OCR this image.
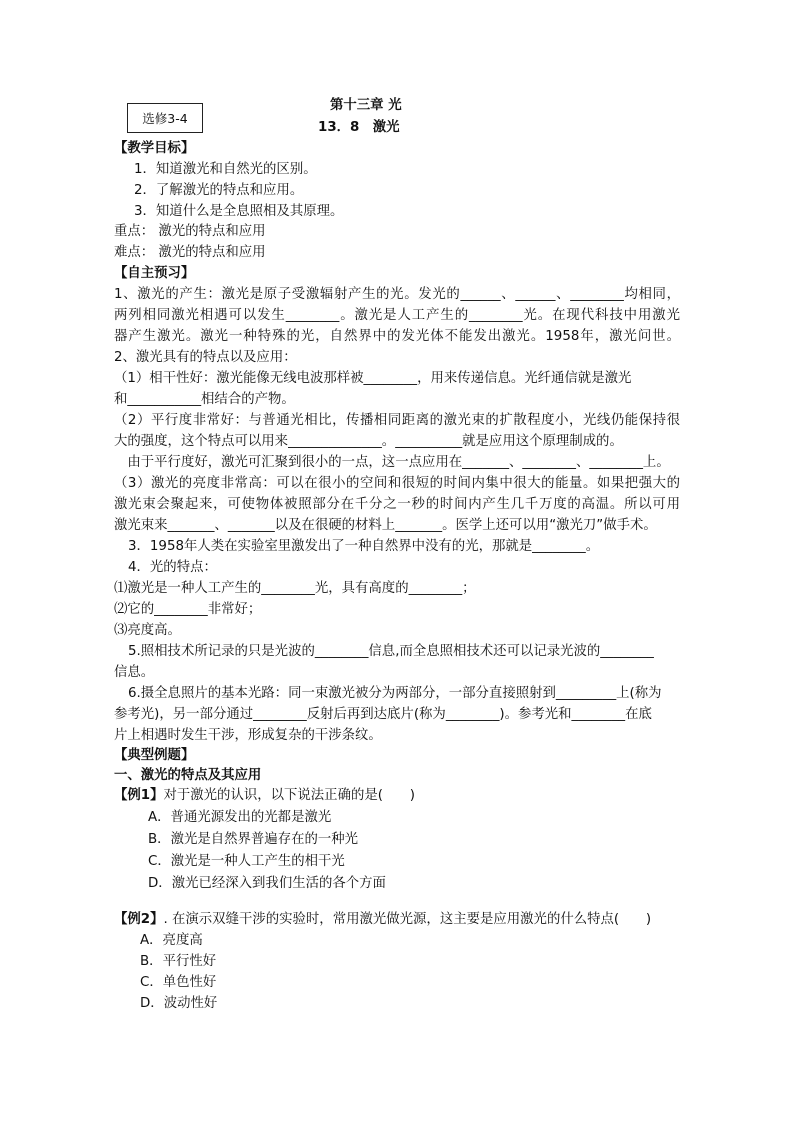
选修3-4
第十三章 光
13．8　激光
【教学目标】
1．知道激光和自然光的区别。
2．了解激光的特点和应用。
3．知道什么是全息照相及其原理。
重点： 激光的特点和应用
难点： 激光的特点和应用
【自主预习】
1、激光的产生：激光是原子受激辐射产生的光。发光的______、______、________均相同，
两列相同激光相遇可以发生________。激光是人工产生的________光。在现代科技中用激光
器产生激光。激光一种特殊的光，自然界中的发光体不能发出激光。1958年，激光问世。
2、激光具有的特点以及应用：
（1）相干性好：激光能像无线电波那样被________，用来传递信息。光纤通信就是激光
和___________相结合的产物。
（2）平行度非常好：与普通光相比，传播相同距离的激光束的扩散程度小，光线仍能保持很
大的强度，这个特点可以用来______________。__________就是应用这个原理制成的。
　由于平行度好，激光可汇聚到很小的一点，这一点应用在_______、________、________上。
（3）激光的亮度非常高：可以在很小的空间和很短的时间内集中很大的能量。如果把强大的
激光束会聚起来，可使物体被照部分在千分之一秒的时间内产生几千万度的高温。所以可用
激光束来_______、_______以及在很硬的材料上_______。医学上还可以用“激光刀”做手术。
3．1958年人类在实验室里激发出了一种自然界中没有的光，那就是________。
4．光的特点：
⑴激光是一种人工产生的________光，具有高度的________；
⑵它的________非常好；
⑶亮度高。
5.照相技术所记录的只是光波的________信息,而全息照相技术还可以记录光波的________
信息。
6.摄全息照片的基本光路：同一束激光被分为两部分，一部分直接照射到_________上(称为
参考光)，另一部分通过________反射后再到达底片(称为________)。参考光和________在底
片上相遇时发生干涉，形成复杂的干涉条纹。
【典型例题】
一、激光的特点及其应用
【例1】对于激光的认识，以下说法正确的是(　　)
A．普通光源发出的光都是激光
B．激光是自然界普遍存在的一种光
C．激光是一种人工产生的相干光
D．激光已经深入到我们生活的各个方面
【例2】. 在演示双缝干涉的实验时，常用激光做光源，这主要是应用激光的什么特点(　　)
A．亮度高
B．平行性好
C．单色性好
D．波动性好
